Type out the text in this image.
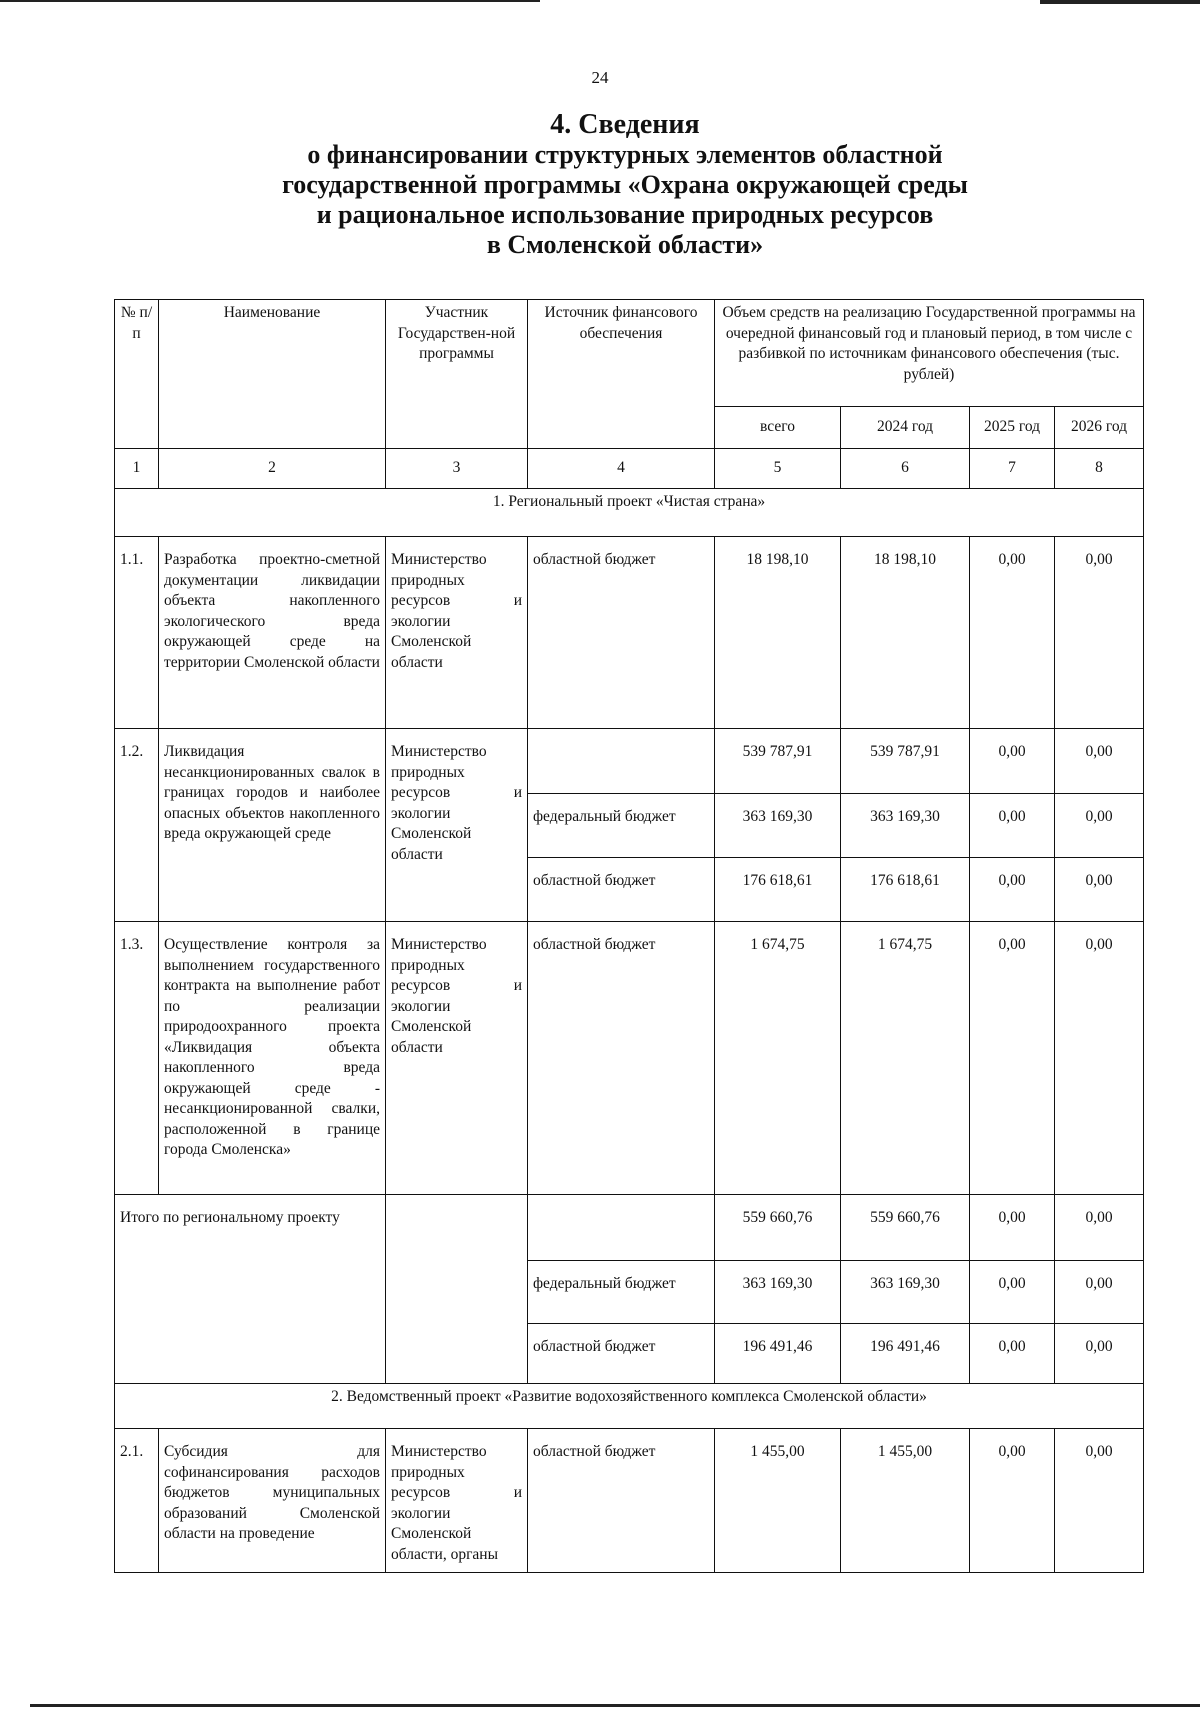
24
4. Сведения
о финансировании структурных элементов областной
государственной программы «Охрана окружающей среды
и рациональное использование природных ресурсов
в Смоленской области»
№ п/п	Наименование	Участник Государствен-ной программы	Источник финансового обеспечения	Объем средств на реализацию Государственной программы на очередной финансовый год и плановый период, в том числе с разбивкой по источникам финансового обеспечения (тыс. рублей)			
				всего	2024 год	2025 год	2026 год
1	2	3	4	5	6	7	8
1. Региональный проект «Чистая страна»							
1.1.	Разработка проектно-сметной документации ликвидации объекта накопленного экологического вреда окружающей среде на территории Смоленской области	Министерство природных ресурсов и экологии Смоленской области	областной бюджет	18 198,10	18 198,10	0,00	0,00
1.2.	Ликвидация несанкционированных свалок в границах городов и наиболее опасных объектов накопленного вреда окружающей среде	Министерство природных ресурсов и экологии Смоленской области		539 787,91	539 787,91	0,00	0,00
			федеральный бюджет	363 169,30	363 169,30	0,00	0,00
			областной бюджет	176 618,61	176 618,61	0,00	0,00
1.3.	Осуществление контроля за выполнением государственного контракта на выполнение работ по реализации природоохранного проекта «Ликвидация объекта накопленного вреда окружающей среде - несанкционированной свалки, расположенной в границе города Смоленска»	Министерство природных ресурсов и экологии Смоленской области	областной бюджет	1 674,75	1 674,75	0,00	0,00
Итого по региональному проекту				559 660,76	559 660,76	0,00	0,00
			федеральный бюджет	363 169,30	363 169,30	0,00	0,00
			областной бюджет	196 491,46	196 491,46	0,00	0,00
2. Ведомственный проект «Развитие водохозяйственного комплекса Смоленской области»							
2.1.	Субсидия для софинансирования расходов бюджетов муниципальных образований Смоленской области на проведение	Министерство природных ресурсов и экологии Смоленской области, органы	областной бюджет	1 455,00	1 455,00	0,00	0,00
